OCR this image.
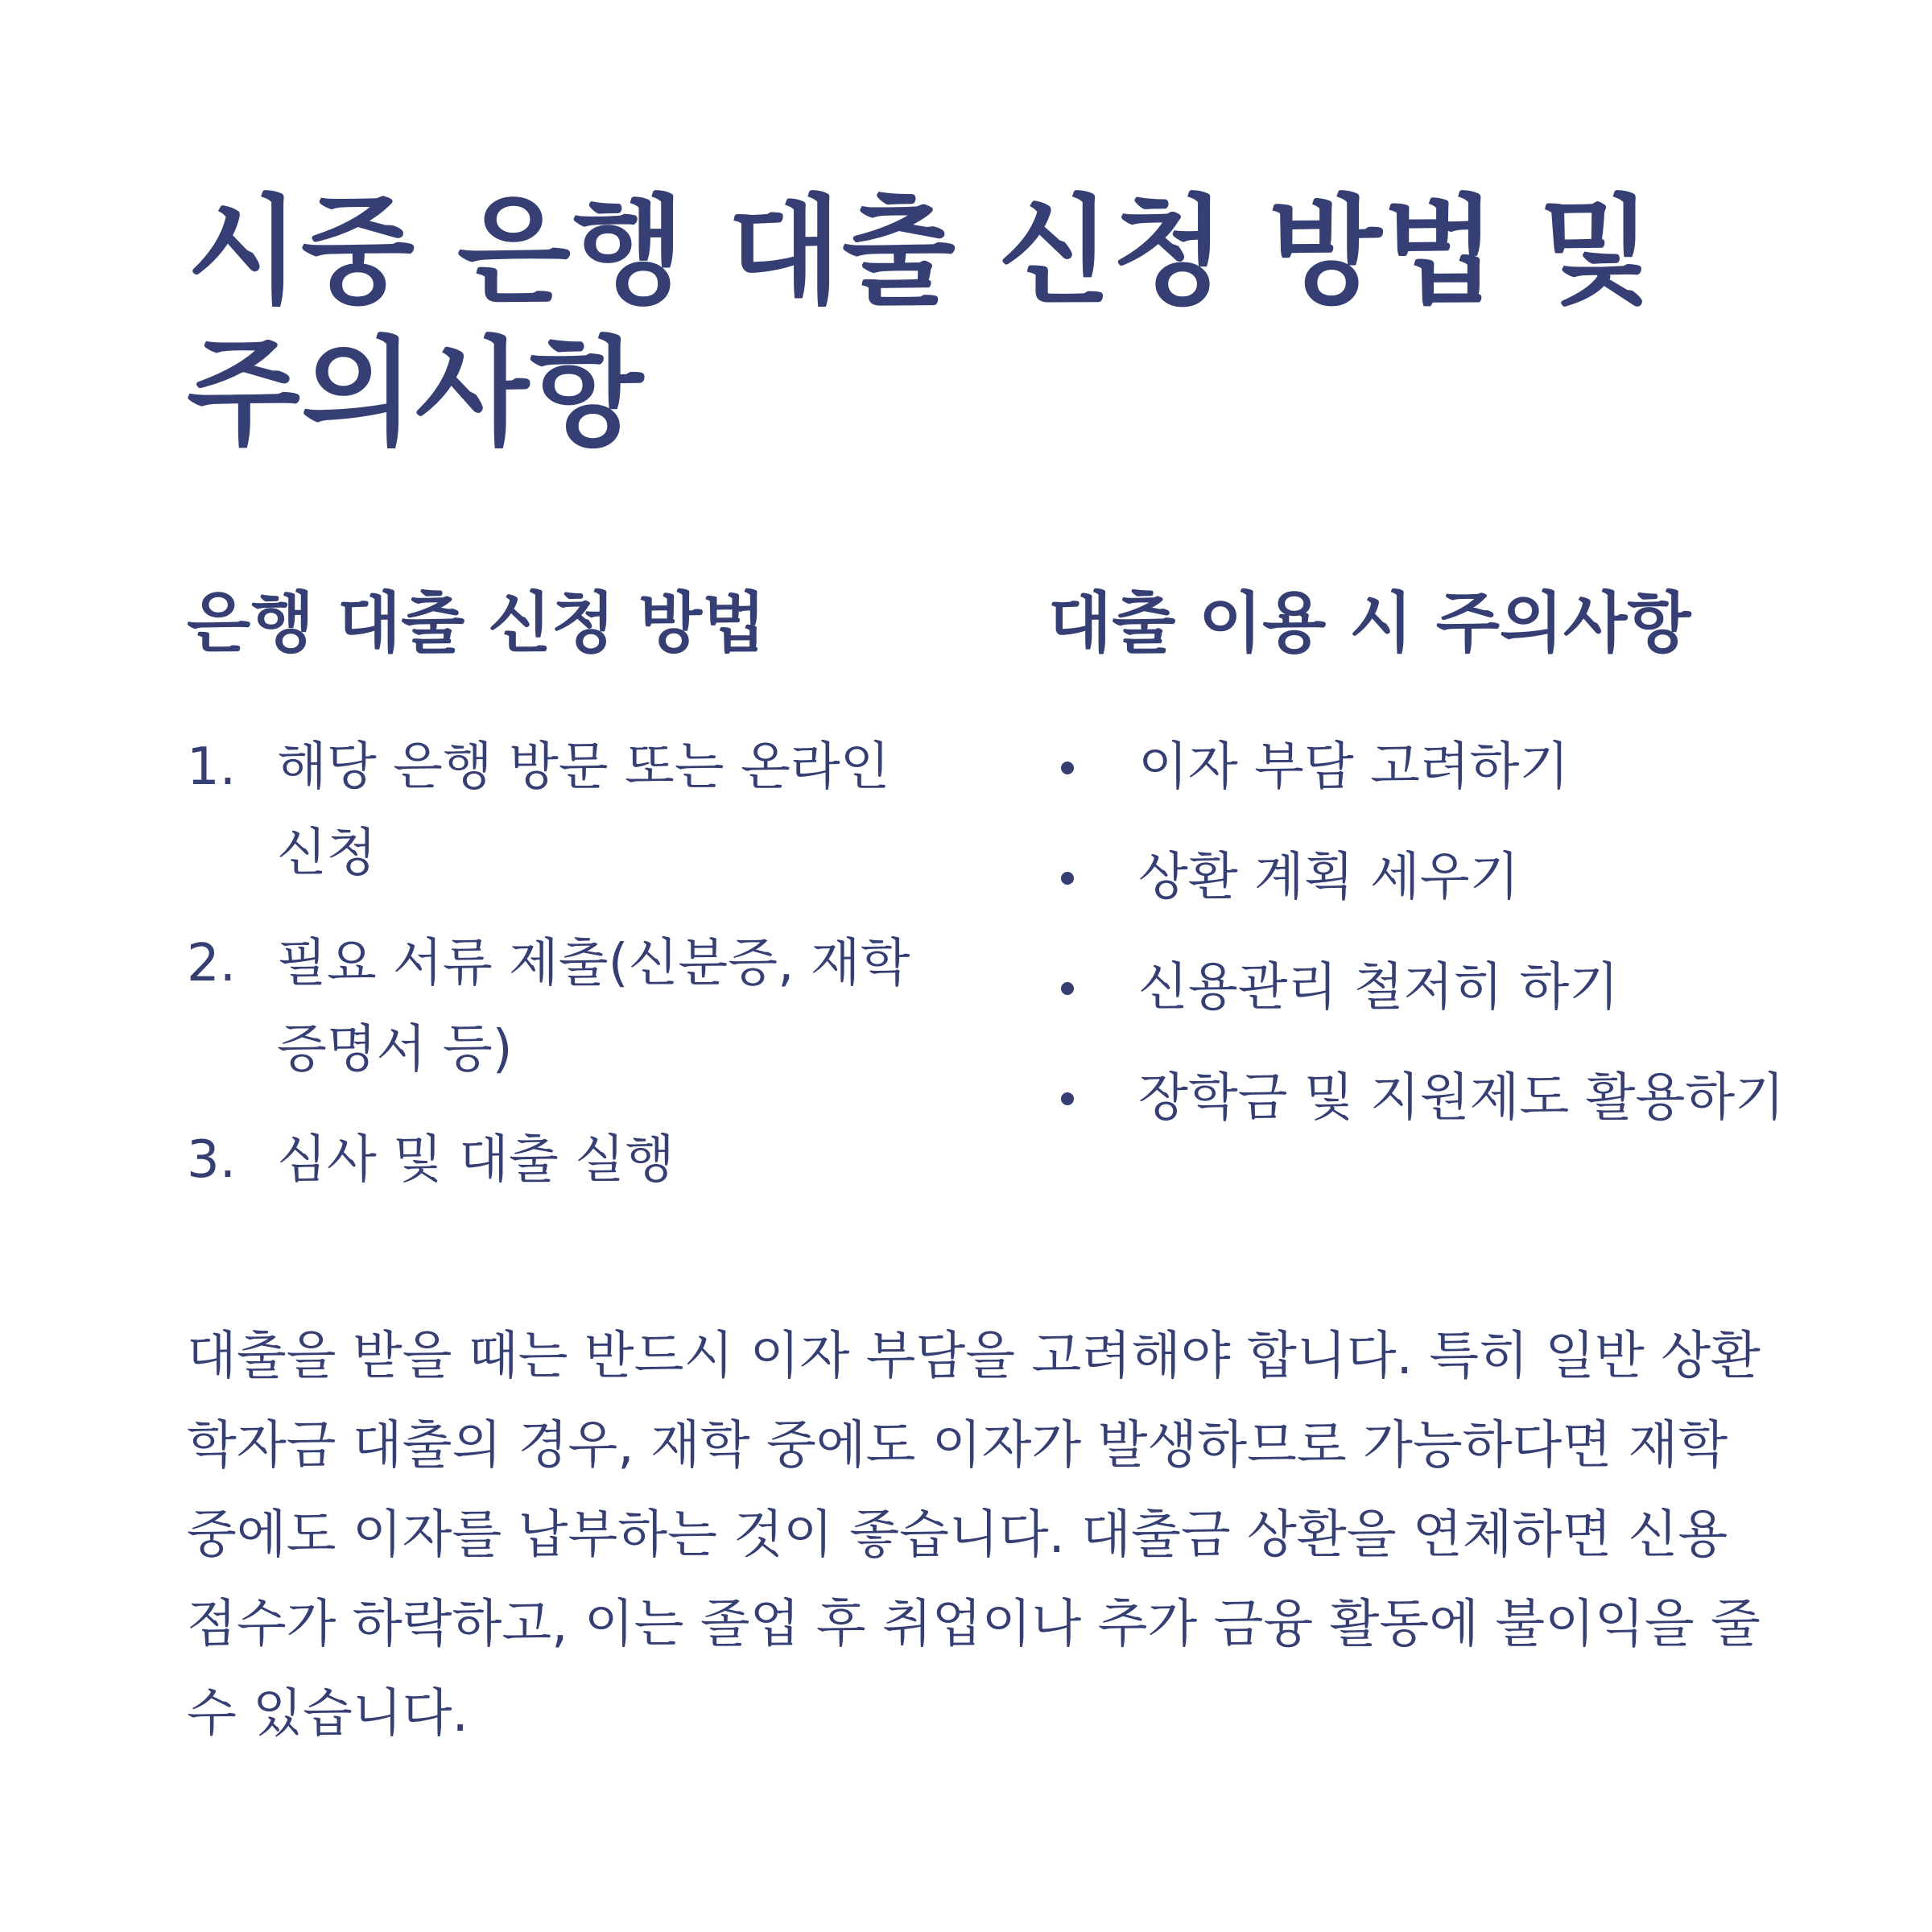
시중 은행 대출 신청 방법 및 주의사항
은행 대출 신청 방법
1. 해당 은행 방문 또는 온라인 신청
2. 필요 서류 제출(신분증, 재학증명서 등)
3. 심사 및 대출 실행
대출 이용 시 주의사항
이자 부담 고려하기
상환 계획 세우기
신용관리 철저히 하기
장학금 및 지원제도 활용하기

대출을 받을 때는 반드시 이자 부담을 고려해야 합니다. 특히 일반 상환 학자금 대출의 경우, 재학 중에도 이자가 발생하므로 가능하다면 재학 중에도 이자를 납부하는 것이 좋습니다. 대출금 상환을 연체하면 신용점수가 하락하고, 이는 졸업 후 취업이나 추가 금융 활동에 불이익을 줄 수 있습니다.
